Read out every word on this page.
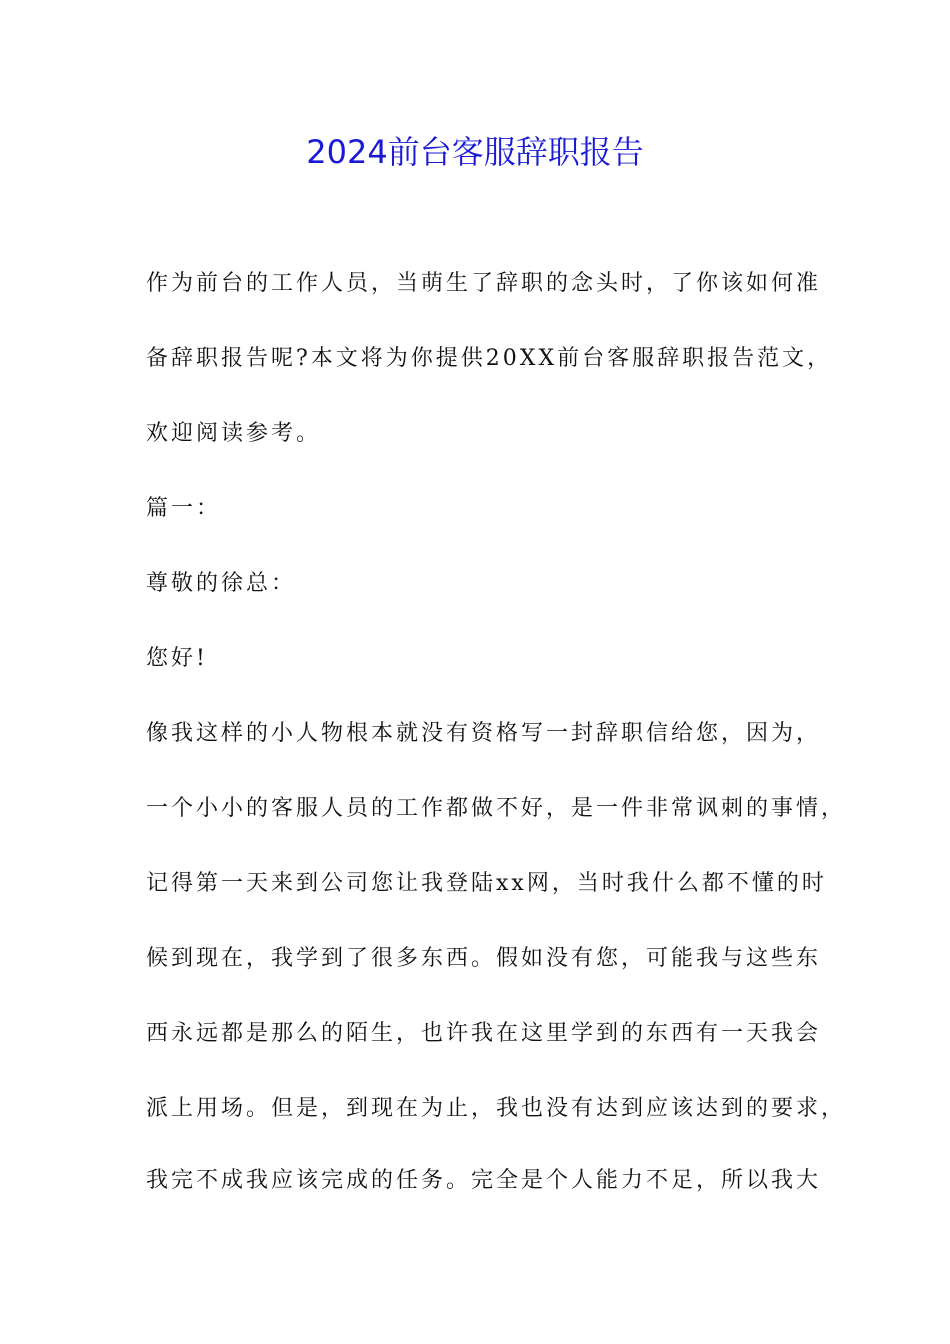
2024前台客服辞职报告
作为前台的工作人员，当萌生了辞职的念头时，了你该如何准
备辞职报告呢?本文将为你提供20XX前台客服辞职报告范文，
欢迎阅读参考。
篇一：
尊敬的徐总：
您好!
像我这样的小人物根本就没有资格写一封辞职信给您，因为，
一个小小的客服人员的工作都做不好，是一件非常讽刺的事情，
记得第一天来到公司您让我登陆xx网，当时我什么都不懂的时
候到现在，我学到了很多东西。假如没有您，可能我与这些东
西永远都是那么的陌生，也许我在这里学到的东西有一天我会
派上用场。但是，到现在为止，我也没有达到应该达到的要求，
我完不成我应该完成的任务。完全是个人能力不足，所以我大
